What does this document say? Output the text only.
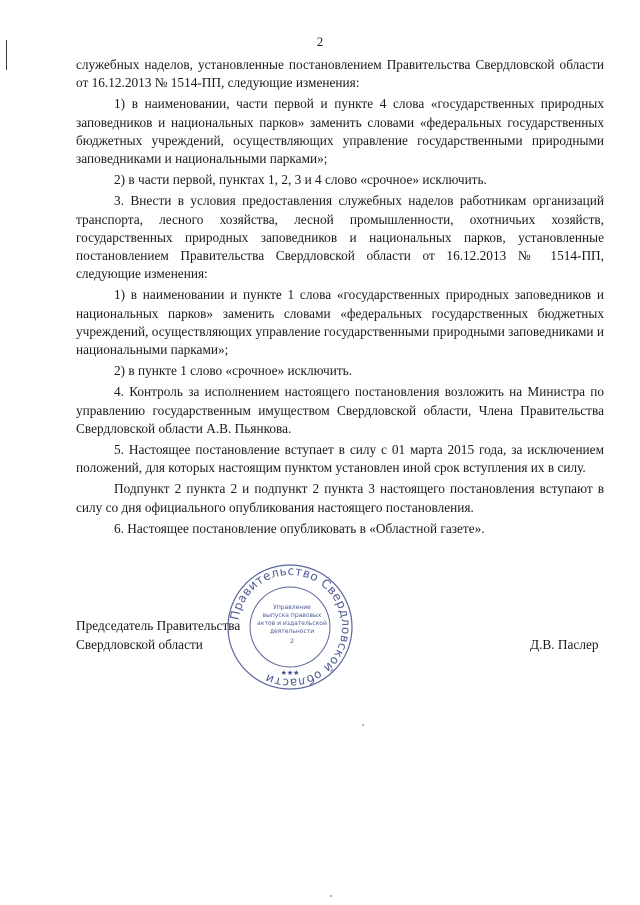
2

служебных наделов, установленные постановлением Правительства Свердловской области от 16.12.2013 № 1514-ПП, следующие изменения:

1) в наименовании, части первой и пункте 4 слова «государственных природных заповедников и национальных парков» заменить словами «федеральных государственных бюджетных учреждений, осуществляющих управление государственными природными заповедниками и национальными парками»;

2) в части первой, пунктах 1, 2, 3 и 4 слово «срочное» исключить.

3. Внести в условия предоставления служебных наделов работникам организаций транспорта, лесного хозяйства, лесной промышленности, охотничьих хозяйств, государственных природных заповедников и национальных парков, установленные постановлением Правительства Свердловской области от 16.12.2013 № 1514-ПП, следующие изменения:

1) в наименовании и пункте 1 слова «государственных природных заповедников и национальных парков» заменить словами «федеральных государственных бюджетных учреждений, осуществляющих управление государственными природными заповедниками и национальными парками»;

2) в пункте 1 слово «срочное» исключить.

4. Контроль за исполнением настоящего постановления возложить на Министра по управлению государственным имуществом Свердловской области, Члена Правительства Свердловской области А.В. Пьянкова.

5. Настоящее постановление вступает в силу с 01 марта 2015 года, за исключением положений, для которых настоящим пунктом установлен иной срок вступления их в силу.

Подпункт 2 пункта 2 и подпункт 2 пункта 3 настоящего постановления вступают в силу со дня официального опубликования настоящего постановления.

6. Настоящее постановление опубликовать в «Областной газете».

Правительство Свердловской области
Управление
выпуска правовых
актов и издательской
деятельности
2
★★★
Председатель Правительства
Свердловской области	Д.В. Паслер
